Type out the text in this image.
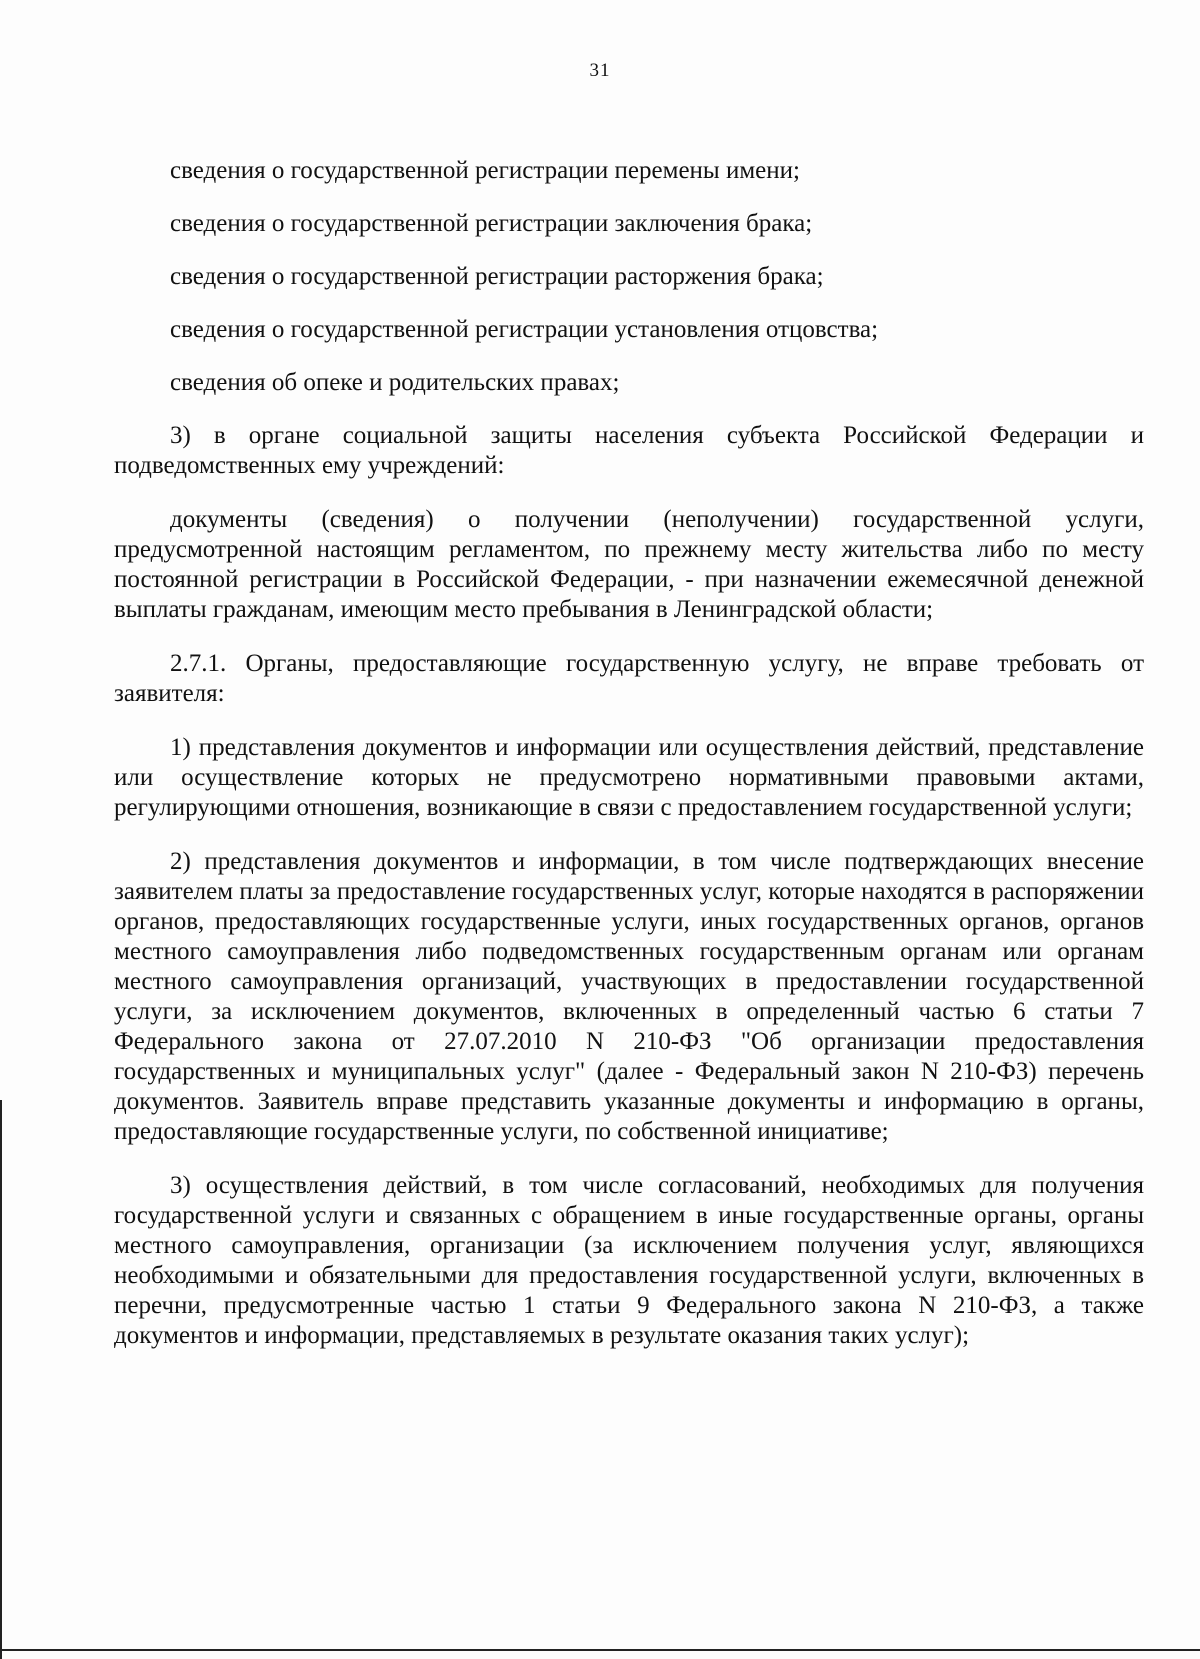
31

сведения о государственной регистрации перемены имени;

сведения о государственной регистрации заключения брака;

сведения о государственной регистрации расторжения брака;

сведения о государственной регистрации установления отцовства;

сведения об опеке и родительских правах;

3) в органе социальной защиты населения субъекта Российской Федерации и подведомственных ему учреждений:

документы (сведения) о получении (неполучении) государственной услуги, предусмотренной настоящим регламентом, по прежнему месту жительства либо по месту постоянной регистрации в Российской Федерации, - при назначении ежемесячной денежной выплаты гражданам, имеющим место пребывания в Ленинградской области;

2.7.1. Органы, предоставляющие государственную услугу, не вправе требовать от заявителя:

1) представления документов и информации или осуществления действий, представление или осуществление которых не предусмотрено нормативными правовыми актами, регулирующими отношения, возникающие в связи с предоставлением государственной услуги;

2) представления документов и информации, в том числе подтверждающих внесение заявителем платы за предоставление государственных услуг, которые находятся в распоряжении органов, предоставляющих государственные услуги, иных государственных органов, органов местного самоуправления либо подведомственных государственным органам или органам местного самоуправления организаций, участвующих в предоставлении государственной услуги, за исключением документов, включенных в определенный частью 6 статьи 7 Федерального закона от 27.07.2010 N 210-ФЗ "Об организации предоставления государственных и муниципальных услуг" (далее - Федеральный закон N 210-ФЗ) перечень документов. Заявитель вправе представить указанные документы и информацию в органы, предоставляющие государственные услуги, по собственной инициативе;

3) осуществления действий, в том числе согласований, необходимых для получения государственной услуги и связанных с обращением в иные государственные органы, органы местного самоуправления, организации (за исключением получения услуг, являющихся необходимыми и обязательными для предоставления государственной услуги, включенных в перечни, предусмотренные частью 1 статьи 9 Федерального закона N 210-ФЗ, а также документов и информации, представляемых в результате оказания таких услуг);
